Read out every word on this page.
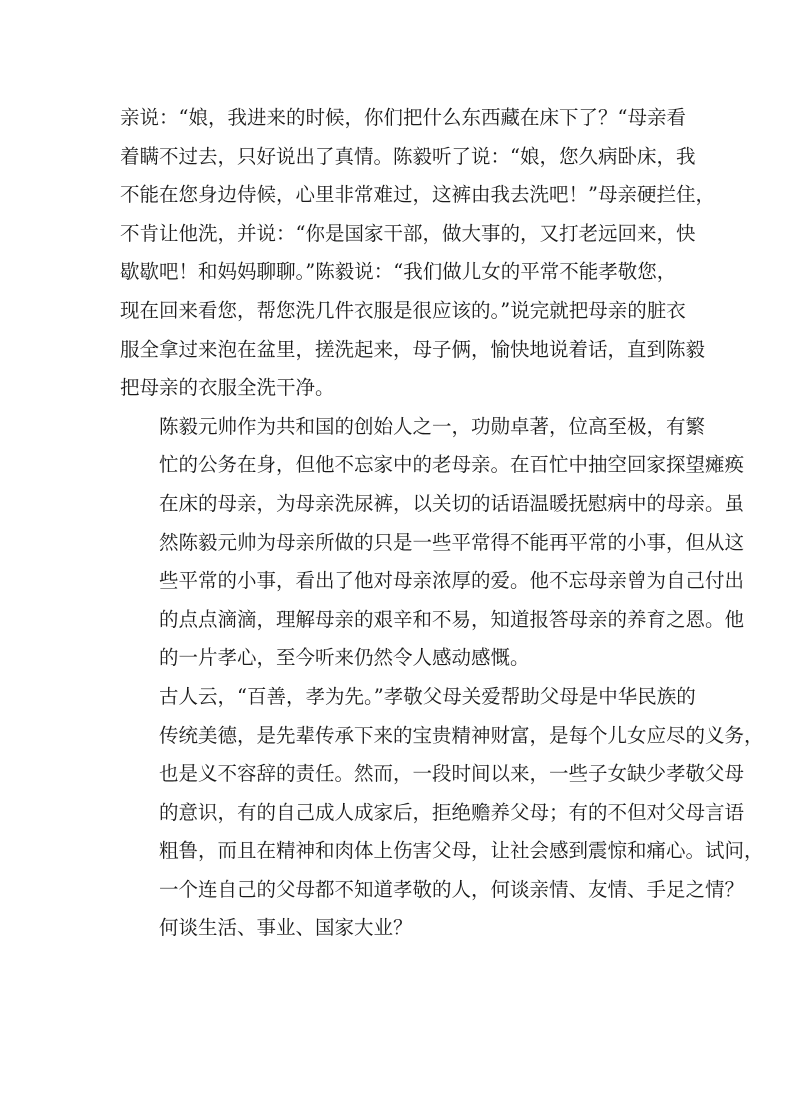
亲说：“娘，我进来的时候，你们把什么东西藏在床下了？“母亲看
着瞒不过去，只好说出了真情。陈毅听了说：“娘，您久病卧床，我
不能在您身边侍候，心里非常难过，这裤由我去洗吧！”母亲硬拦住，
不肯让他洗，并说：“你是国家干部，做大事的，又打老远回来，快
歇歇吧！和妈妈聊聊。”陈毅说：“我们做儿女的平常不能孝敬您，
现在回来看您，帮您洗几件衣服是很应该的。”说完就把母亲的脏衣
服全拿过来泡在盆里，搓洗起来，母子俩，愉快地说着话，直到陈毅
把母亲的衣服全洗干净。

陈毅元帅作为共和国的创始人之一，功勋卓著，位高至极，有繁
忙的公务在身，但他不忘家中的老母亲。在百忙中抽空回家探望瘫痪
在床的母亲，为母亲洗尿裤，以关切的话语温暖抚慰病中的母亲。虽
然陈毅元帅为母亲所做的只是一些平常得不能再平常的小事，但从这
些平常的小事，看出了他对母亲浓厚的爱。他不忘母亲曾为自己付出
的点点滴滴，理解母亲的艰辛和不易，知道报答母亲的养育之恩。他
的一片孝心，至今听来仍然令人感动感慨。

古人云，“百善，孝为先。”孝敬父母关爱帮助父母是中华民族的
传统美德，是先辈传承下来的宝贵精神财富，是每个儿女应尽的义务，
也是义不容辞的责任。然而，一段时间以来，一些子女缺少孝敬父母
的意识，有的自己成人成家后，拒绝赡养父母；有的不但对父母言语
粗鲁，而且在精神和肉体上伤害父母，让社会感到震惊和痛心。试问，
一个连自己的父母都不知道孝敬的人，何谈亲情、友情、手足之情？
何谈生活、事业、国家大业？
